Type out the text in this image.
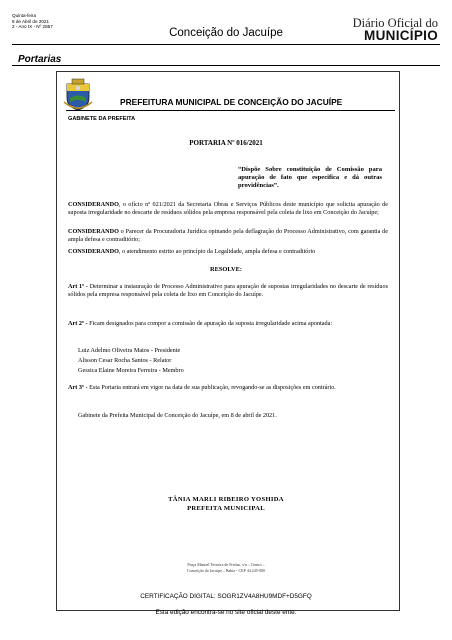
Quinta-feira
8 de Abril de 2021
2 - Ano IX - Nº 2857
Conceição do Jacuípe
Diário Oficial do
MUNICÍPIO
Portarias
PREFEITURA MUNICIPAL DE CONCEIÇÃO DO JACUÍPE
GABINETE DA PREFEITA
PORTARIA Nº 016/2021
“Dispõe Sobre constituição de Comissão para apuração de fato que especifica e dá outras providências”.
CONSIDERANDO, o ofício nº 021/2021 da Secretaria Obras e Serviços Públicos deste município que solicita apuração de suposta irregularidade no descarte de resíduos sólidos pela empresa responsável pela coleta de lixo em Conceição do Jacuípe;
CONSIDERANDO o Parecer da Procuradoria Jurídica opinando pela deflagração do Processo Administrativo, com garantia de ampla defesa e contraditório;
CONSIDERANDO, o atendimento estrito ao princípio da Legalidade, ampla defesa e contraditório
RESOLVE:
Art 1º - Determinar a instauração de Processo Administrativo para apuração de supostas irregularidades no descarte de resíduos sólidos pela empresa responsável pela coleta de lixo em Conceição do Jacuípe.
Art 2º - Ficam designados para compor a comissão de apuração da suposta irregularidade acima apontada:
Luiz Adelmo Oliveira Matos - Presidente
Alisson Cesar Rocha Santos - Relator
Gessica Elaine Moreira Ferreira - Membro
Art 3º - Esta Portaria entrará em vigor na data de sua publicação, revogando-se as disposições em contrário.
Gabinete da Prefeita Municipal de Conceição do Jacuípe, em 8 de abril de 2021.
TÂNIA MARLI RIBEIRO YOSHIDA
PREFEITA MUNICIPAL
Praça Manoel Teixeira de Freitas, s/n – Centro –
Conceição do Jacuípe – Bahia - CEP 44.245-000
CERTIFICAÇÃO DIGITAL: SOGR1ZV4A8HU9MDF+D5GFQ
Esta edição encontra-se no site oficial deste ente.
